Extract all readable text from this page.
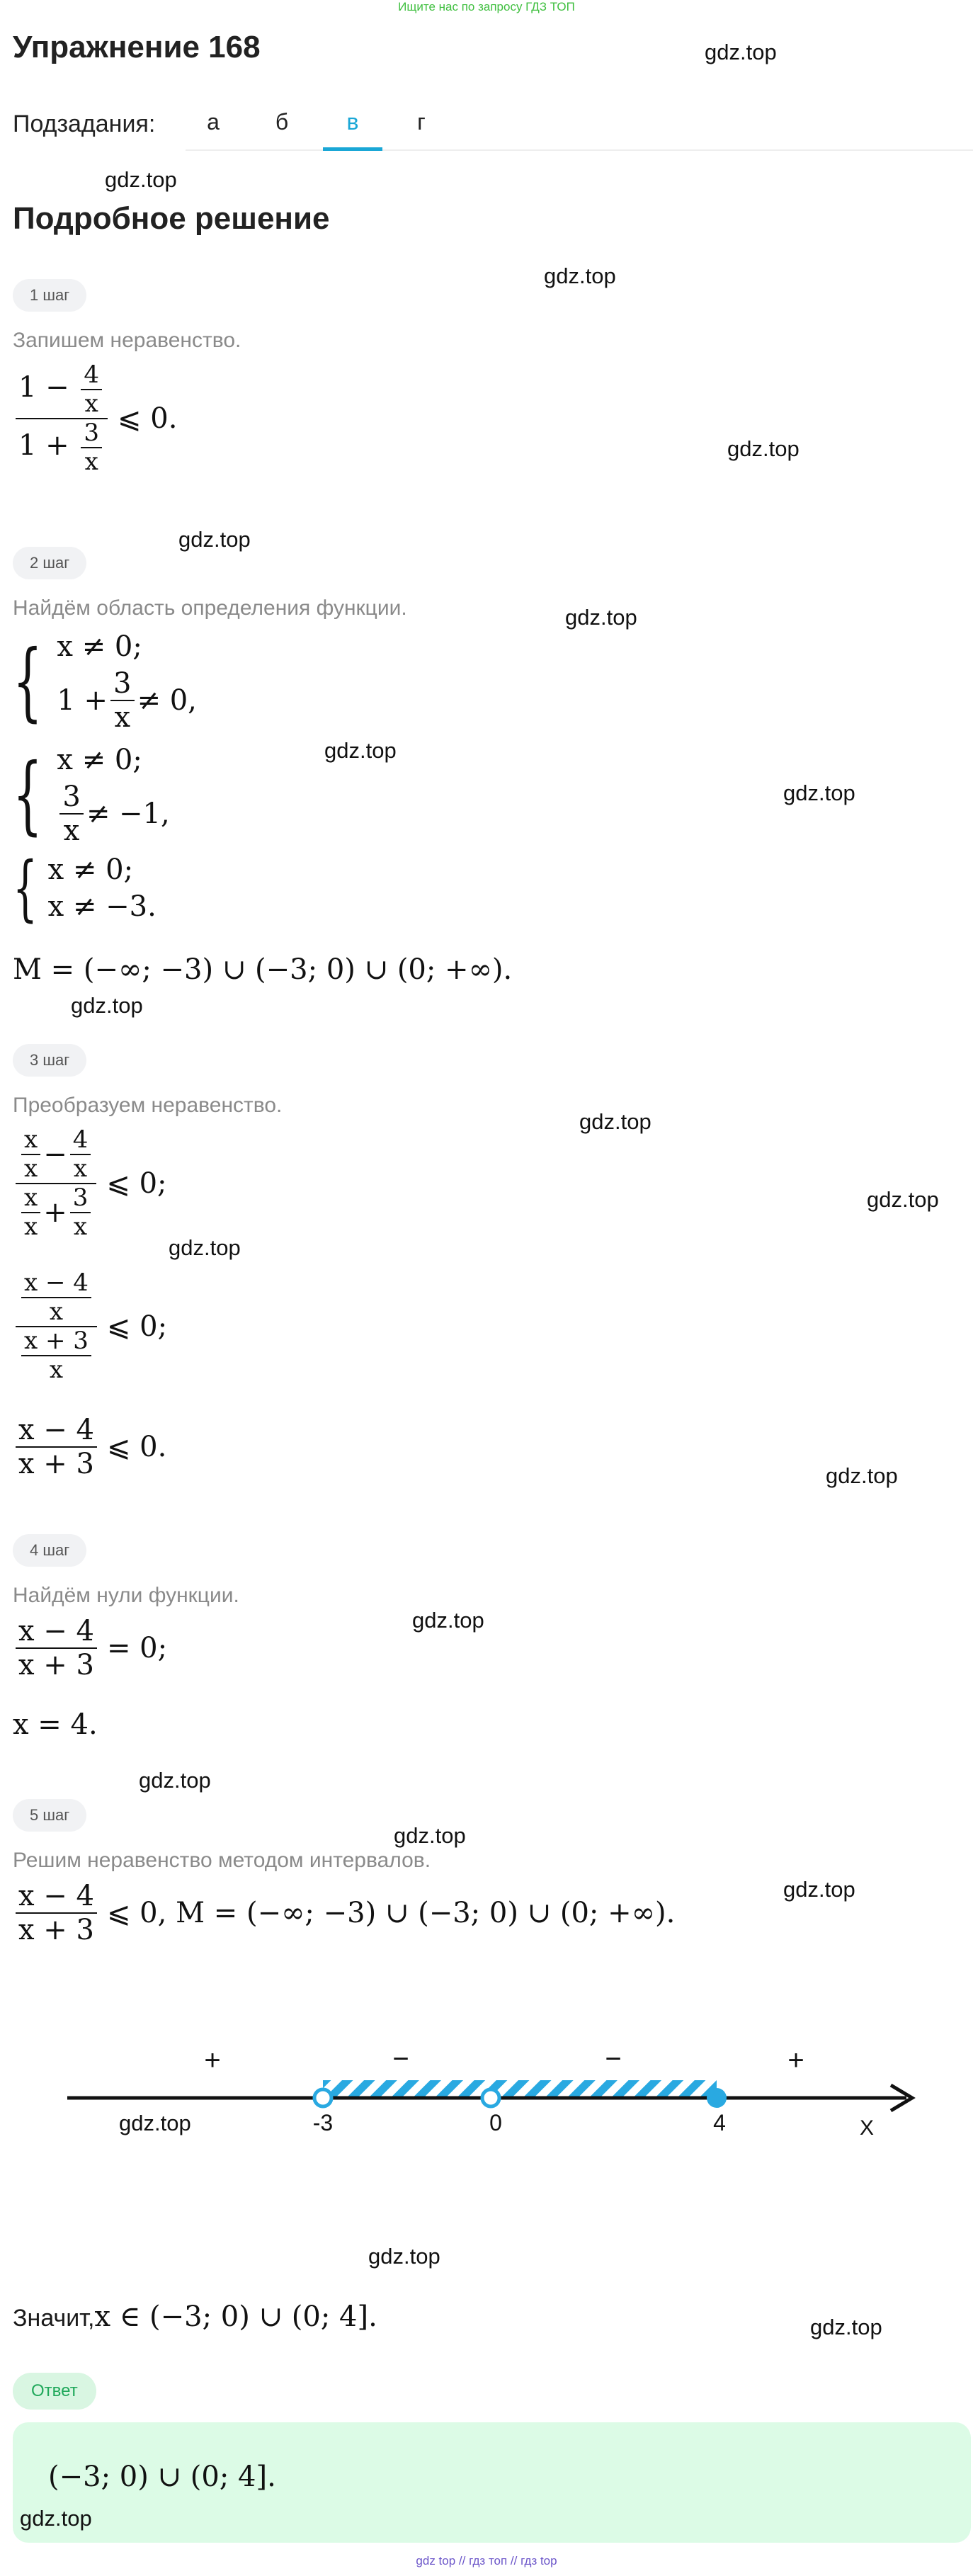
Ищите нас по запросу ГДЗ ТОП
Упражнение 168	gdz.top
Подзадания: а б	в	г
gdz.top
Подробное решение
gdz.top
1 шаг
Запишем неравенство.
$\frac{1 - \frac{4}{x}}{1 + \frac{3}{x}}$ ⩽ 0.
gdz.top
gdz.top
2 шаг
Найдём область определения функции.	gdz.top
{ x ≠ 0;
1
+ $\frac{3}{x} \ne 0$,
gdz.top
{ x ≠ 0;
$\frac{3}{x} \ne -1$,
gdz.top
{ x ≠ 0;
x ≠ −3.
M = (−∞; −3) ∪ (−3; 0) ∪ (0; +∞).
gdz.top
3 шаг
Преобразуем неравенство.
gdz.top
$\frac{\frac{x}{x} - \frac{4}{x}}{\frac{x}{x} + \frac{3}{x}}$ ⩽ 0;	gdz.top
gdz.top
$\frac{\frac{x - 4}{x}}{\frac{x + 3}{x}}$ ⩽ 0;
$\frac{x - 4}{x + 3}$ ⩽ 0.
gdz.top
4 шаг
Найдём нули функции.
gdz.top
$\frac{x - 4}{x + 3} = 0$;
x = 4.
gdz.top
5 шаг
gdz.top
Решим неравенство методом интервалов.
gdz.top
$\frac{x - 4}{x + 3}$ ⩽ 0, M = (−∞; −3) ∪ (−3; 0) ∪ (0; +∞).
+	−	−	+
-3	0	4	X
gdz.top
gdz.top
Значит, x ∈ (−3; 0) ∪ (0; 4].	gdz.top
Ответ
(−3; 0) ∪ (0; 4].
gdz.top
gdz top // гдз топ // гдз top
